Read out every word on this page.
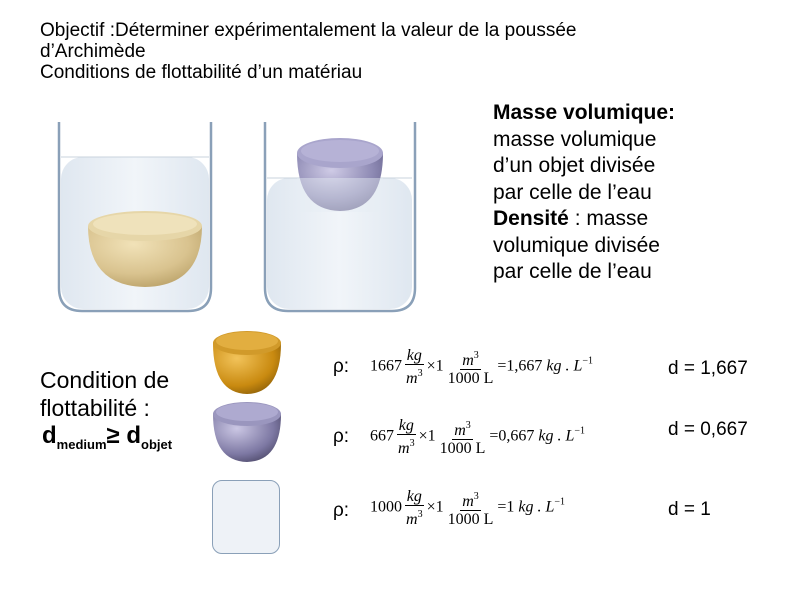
Objectif :Déterminer expérimentalement la valeur de la poussée
d’Archimède
Conditions de flottabilité d’un matériau
Masse volumique:
masse volumique
d’un objet divisée
par celle de l’eau
Densité : masse
volumique divisée
par celle de l’eau
Condition de
flottabilité :
$d_{medium}\ge d_{objet}$
ρ: $1667 \frac{kg}{m^3} \times 1 \frac{m^3}{1000 L} =1,667$ kg . $L^{-1}$	d = 1,667
ρ: $667 \frac{kg}{m^3} \times 1 \frac{m^3}{1000 L} =0,667$ kg . $L^{-1}$	d = 0,667
ρ: $1000 \frac{kg}{m^3} \times 1 \frac{m^3}{1000 L} =1$ kg . $L^{-1}$	d = 1
